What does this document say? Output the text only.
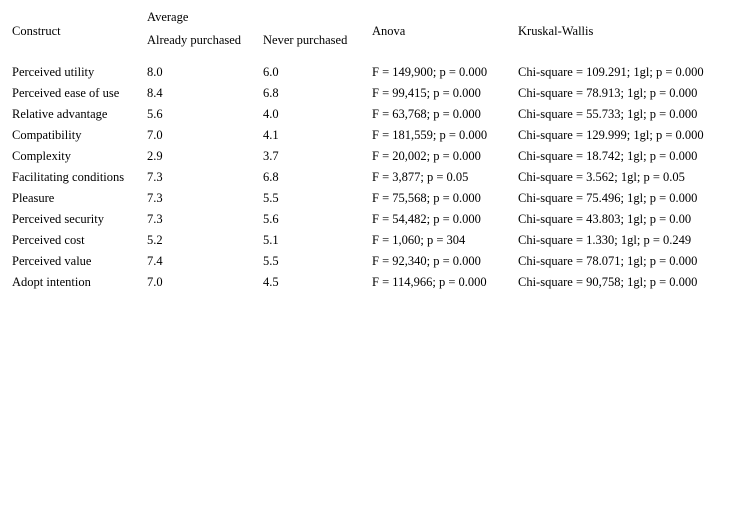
Construct	Average		Anova	Kruskal-Wallis
	Already purchased	Never purchased		
Perceived utility	8.0	6.0	F = 149,900; p = 0.000	Chi-square = 109.291; 1gl; p = 0.000
Perceived ease of use	8.4	6.8	F = 99,415; p = 0.000	Chi-square = 78.913; 1gl; p = 0.000
Relative advantage	5.6	4.0	F = 63,768; p = 0.000	Chi-square = 55.733; 1gl; p = 0.000
Compatibility	7.0	4.1	F = 181,559; p = 0.000	Chi-square = 129.999; 1gl; p = 0.000
Complexity	2.9	3.7	F = 20,002; p = 0.000	Chi-square = 18.742; 1gl; p = 0.000
Facilitating conditions	7.3	6.8	F = 3,877; p = 0.05	Chi-square = 3.562; 1gl; p = 0.05
Pleasure	7.3	5.5	F = 75,568; p = 0.000	Chi-square = 75.496; 1gl; p = 0.000
Perceived security	7.3	5.6	F = 54,482; p = 0.000	Chi-square = 43.803; 1gl; p = 0.00
Perceived cost	5.2	5.1	F = 1,060; p = 304	Chi-square = 1.330; 1gl; p = 0.249
Perceived value	7.4	5.5	F = 92,340; p = 0.000	Chi-square = 78.071; 1gl; p = 0.000
Adopt intention	7.0	4.5	F = 114,966; p = 0.000	Chi-square = 90,758; 1gl; p = 0.000
